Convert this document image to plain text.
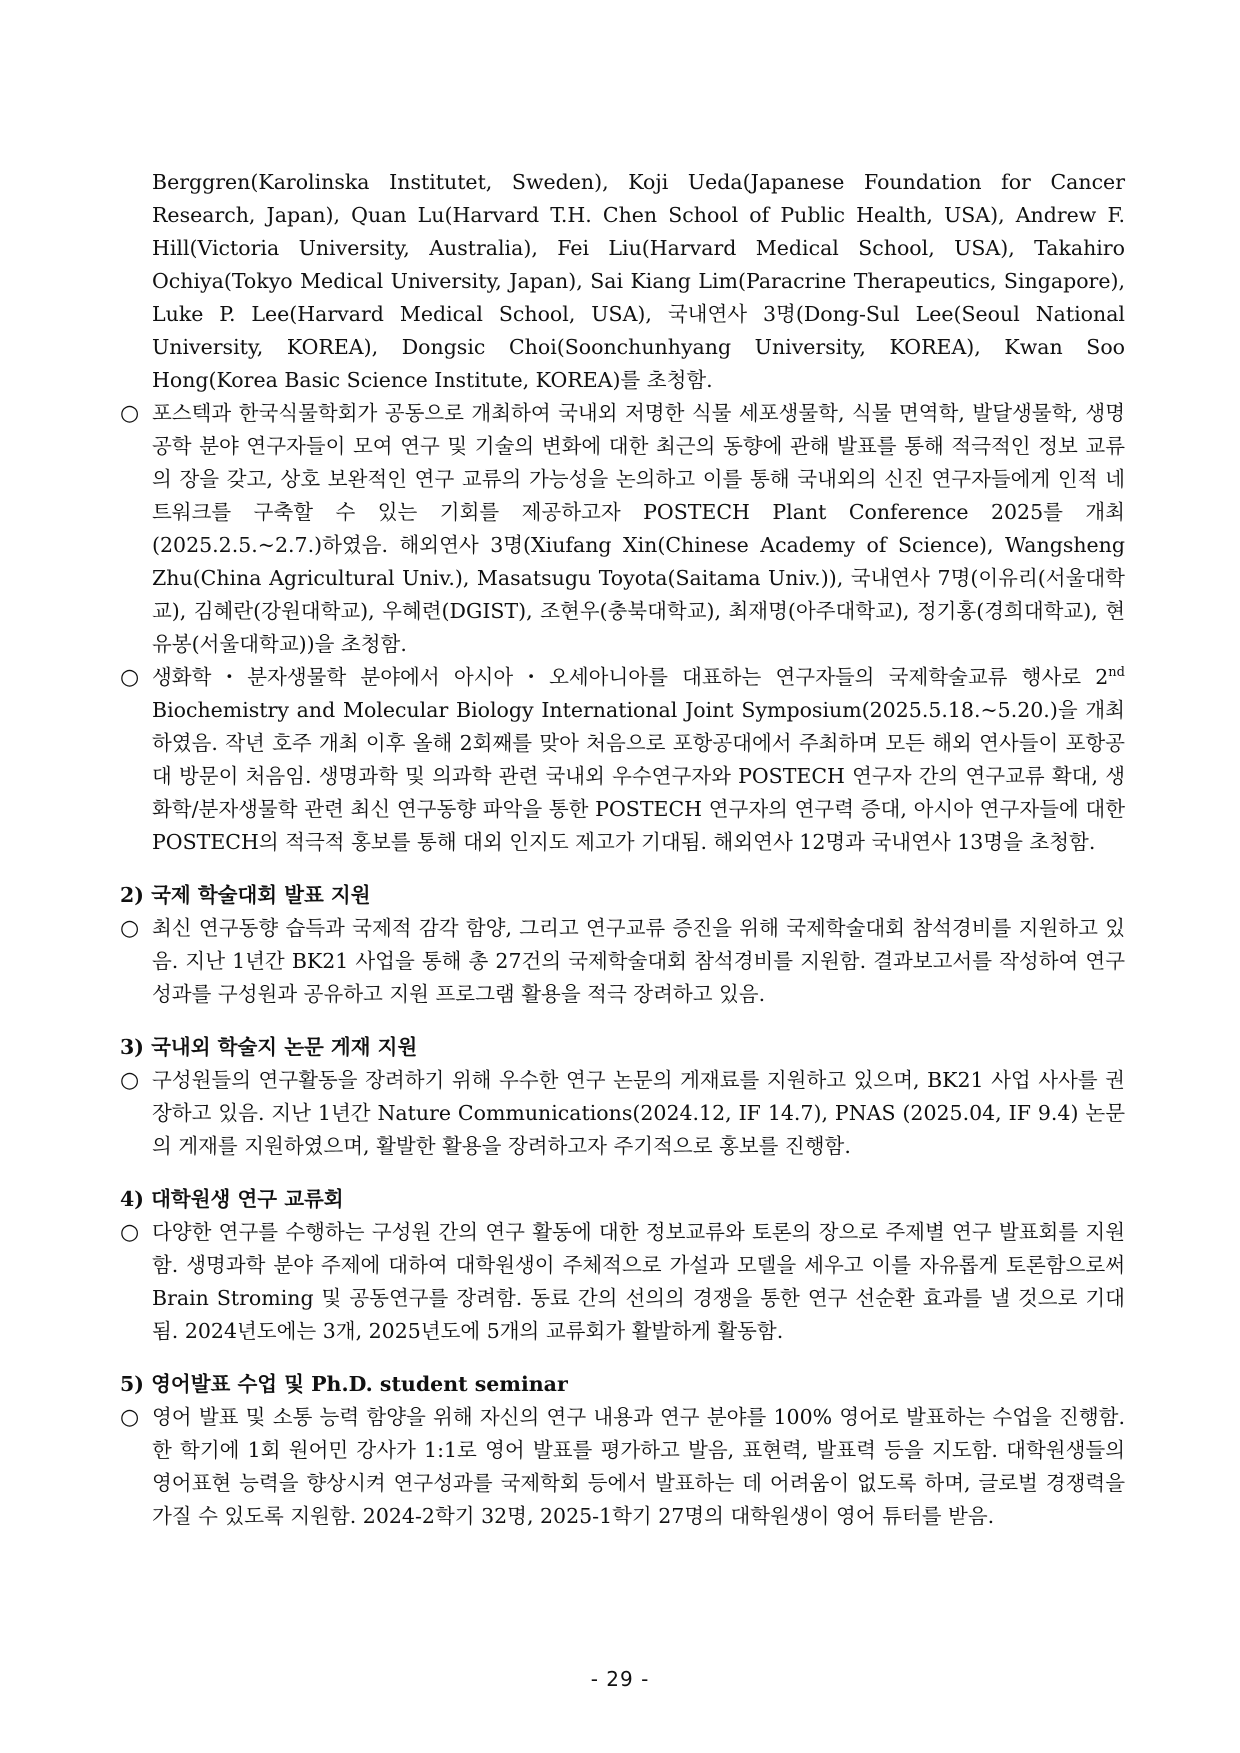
Berggren(Karolinska Institutet, Sweden), Koji Ueda(Japanese Foundation for Cancer Research, Japan), Quan Lu(Harvard T.H. Chen School of Public Health, USA), Andrew F. Hill(Victoria University, Australia), Fei Liu(Harvard Medical School, USA), Takahiro Ochiya(Tokyo Medical University, Japan), Sai Kiang Lim(Paracrine Therapeutics, Singapore), Luke P. Lee(Harvard Medical School, USA), 국내연사 3명(Dong-Sul Lee(Seoul National University, KOREA), Dongsic Choi(Soonchunhyang University, KOREA), Kwan Soo Hong(Korea Basic Science Institute, KOREA)를 초청함.

○ 포스텍과 한국식물학회가 공동으로 개최하여 국내외 저명한 식물 세포생물학, 식물 면역학, 발달생물학, 생명공학 분야 연구자들이 모여 연구 및 기술의 변화에 대한 최근의 동향에 관해 발표를 통해 적극적인 정보 교류의 장을 갖고, 상호 보완적인 연구 교류의 가능성을 논의하고 이를 통해 국내외의 신진 연구자들에게 인적 네트워크를 구축할 수 있는 기회를 제공하고자 POSTECH Plant Conference 2025를 개최(2025.2.5.~2.7.)하였음. 해외연사 3명(Xiufang Xin(Chinese Academy of Science), Wangsheng Zhu(China Agricultural Univ.), Masatsugu Toyota(Saitama Univ.)), 국내연사 7명(이유리(서울대학교), 김혜란(강원대학교), 우혜련(DGIST), 조현우(충북대학교), 최재명(아주대학교), 정기홍(경희대학교), 현유봉(서울대학교))을 초청함.
○ 생화학・분자생물학 분야에서 아시아・오세아니아를 대표하는 연구자들의 국제학술교류 행사로 2nd Biochemistry and Molecular Biology International Joint Symposium(2025.5.18.~5.20.)을 개최하였음. 작년 호주 개최 이후 올해 2회째를 맞아 처음으로 포항공대에서 주최하며 모든 해외 연사들이 포항공대 방문이 처음임. 생명과학 및 의과학 관련 국내외 우수연구자와 POSTECH 연구자 간의 연구교류 확대, 생화학/분자생물학 관련 최신 연구동향 파악을 통한 POSTECH 연구자의 연구력 증대, 아시아 연구자들에 대한 POSTECH의 적극적 홍보를 통해 대외 인지도 제고가 기대됨. 해외연사 12명과 국내연사 13명을 초청함.
2) 국제 학술대회 발표 지원
○ 최신 연구동향 습득과 국제적 감각 함양, 그리고 연구교류 증진을 위해 국제학술대회 참석경비를 지원하고 있음. 지난 1년간 BK21 사업을 통해 총 27건의 국제학술대회 참석경비를 지원함. 결과보고서를 작성하여 연구성과를 구성원과 공유하고 지원 프로그램 활용을 적극 장려하고 있음.
3) 국내외 학술지 논문 게재 지원
○ 구성원들의 연구활동을 장려하기 위해 우수한 연구 논문의 게재료를 지원하고 있으며, BK21 사업 사사를 권장하고 있음. 지난 1년간 Nature Communications(2024.12, IF 14.7), PNAS (2025.04, IF 9.4) 논문의 게재를 지원하였으며, 활발한 활용을 장려하고자 주기적으로 홍보를 진행함.
4) 대학원생 연구 교류회
○ 다양한 연구를 수행하는 구성원 간의 연구 활동에 대한 정보교류와 토론의 장으로 주제별 연구 발표회를 지원함. 생명과학 분야 주제에 대하여 대학원생이 주체적으로 가설과 모델을 세우고 이를 자유롭게 토론함으로써 Brain Stroming 및 공동연구를 장려함. 동료 간의 선의의 경쟁을 통한 연구 선순환 효과를 낼 것으로 기대됨. 2024년도에는 3개, 2025년도에 5개의 교류회가 활발하게 활동함.
5) 영어발표 수업 및 Ph.D. student seminar
○ 영어 발표 및 소통 능력 함양을 위해 자신의 연구 내용과 연구 분야를 100% 영어로 발표하는 수업을 진행함. 한 학기에 1회 원어민 강사가 1:1로 영어 발표를 평가하고 발음, 표현력, 발표력 등을 지도함. 대학원생들의 영어표현 능력을 향상시켜 연구성과를 국제학회 등에서 발표하는 데 어려움이 없도록 하며, 글로벌 경쟁력을 가질 수 있도록 지원함. 2024-2학기 32명, 2025-1학기 27명의 대학원생이 영어 튜터를 받음.
- 29 -
